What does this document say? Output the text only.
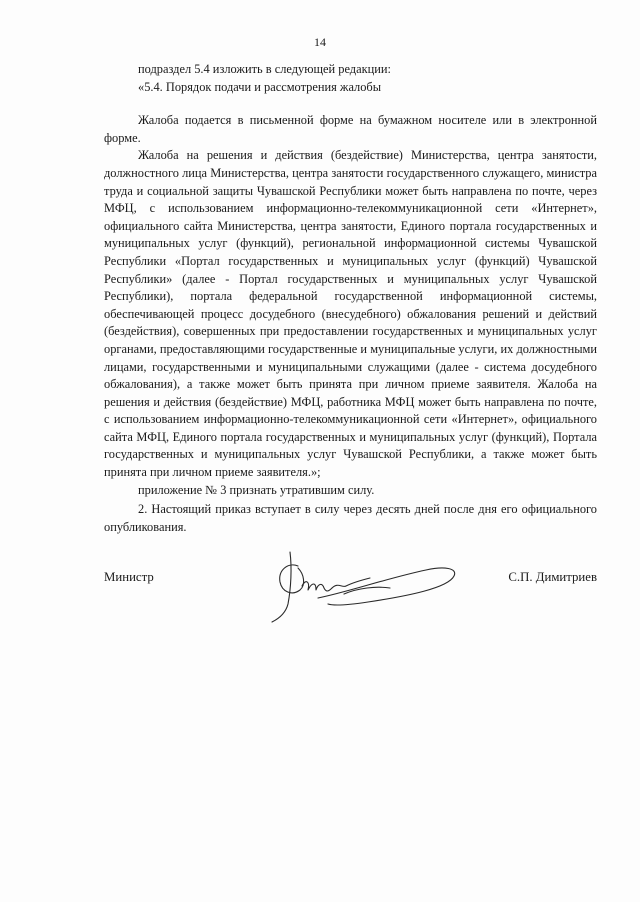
14

подраздел 5.4 изложить в следующей редакции:

«5.4. Порядок подачи и рассмотрения жалобы

Жалоба подается в письменной форме на бумажном носителе или в электронной форме.

Жалоба на решения и действия (бездействие) Министерства, центра занятости, должностного лица Министерства, центра занятости государственного служащего, министра труда и социальной защиты Чувашской Республики может быть направлена по почте, через МФЦ, с использованием информационно-телекоммуникационной сети «Интернет», официального сайта Министерства, центра занятости, Единого портала государственных и муниципальных услуг (функций), региональной информационной системы Чувашской Республики «Портал государственных и муниципальных услуг (функций) Чувашской Республики» (далее - Портал государственных и муниципальных услуг Чувашской Республики), портала федеральной государственной информационной системы, обеспечивающей процесс досудебного (внесудебного) обжалования решений и действий (бездействия), совершенных при предоставлении государственных и муниципальных услуг органами, предоставляющими государственные и муниципальные услуги, их должностными лицами, государственными и муниципальными служащими (далее - система досудебного обжалования), а также может быть принята при личном приеме заявителя. Жалоба на решения и действия (бездействие) МФЦ, работника МФЦ может быть направлена по почте, с использованием информационно-телекоммуникационной сети «Интернет», официального сайта МФЦ, Единого портала государственных и муниципальных услуг (функций), Портала государственных и муниципальных услуг Чувашской Республики, а также может быть принята при личном приеме заявителя.»;

приложение № 3 признать утратившим силу.

2. Настоящий приказ вступает в силу через десять дней после дня его официального опубликования.

Министр	С.П. Димитриев
